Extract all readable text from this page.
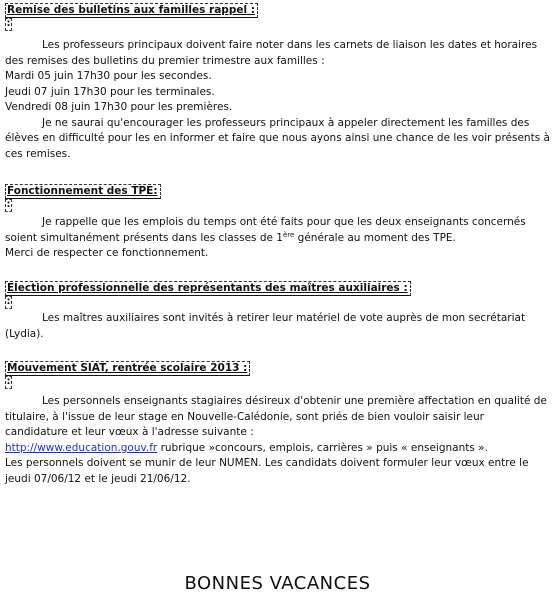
Remise des bulletins aux familles rappel :
:

Les professeurs principaux doivent faire noter dans les carnets de liaison les dates et horaires des remises des bulletins du premier trimestre aux familles :

Mardi 05 juin 17h30 pour les secondes.

Jeudi 07 juin 17h30 pour les terminales.

Vendredi 08 juin 17h30 pour les premières.

Je ne saurai qu'encourager les professeurs principaux à appeler directement les familles des élèves en difficulté pour les en informer et faire que nous ayons ainsi une chance de les voir présents à ces remises.

Fonctionnement des TPE:
:

Je rappelle que les emplois du temps ont été faits pour que les deux enseignants concernés soient simultanément présents dans les classes de 1ère générale au moment des TPE.

Merci de respecter ce fonctionnement.

Election professionnelle des représentants des maîtres auxiliaires :
:

Les maîtres auxiliaires sont invités à retirer leur matériel de vote auprès de mon secrétariat (Lydia).

Mouvement SIAT, rentrée scolaire 2013 :
:

Les personnels enseignants stagiaires désireux d'obtenir une première affectation en qualité de titulaire, à l'issue de leur stage en Nouvelle-Calédonie, sont priés de bien vouloir saisir leur candidature et leur vœux à l'adresse suivante :

http://www.education.gouv.fr rubrique »concours, emplois, carrières » puis « enseignants ».

Les personnels doivent se munir de leur NUMEN. Les candidats doivent formuler leur vœux entre le jeudi 07/06/12 et le jeudi 21/06/12.

BONNES VACANCES
